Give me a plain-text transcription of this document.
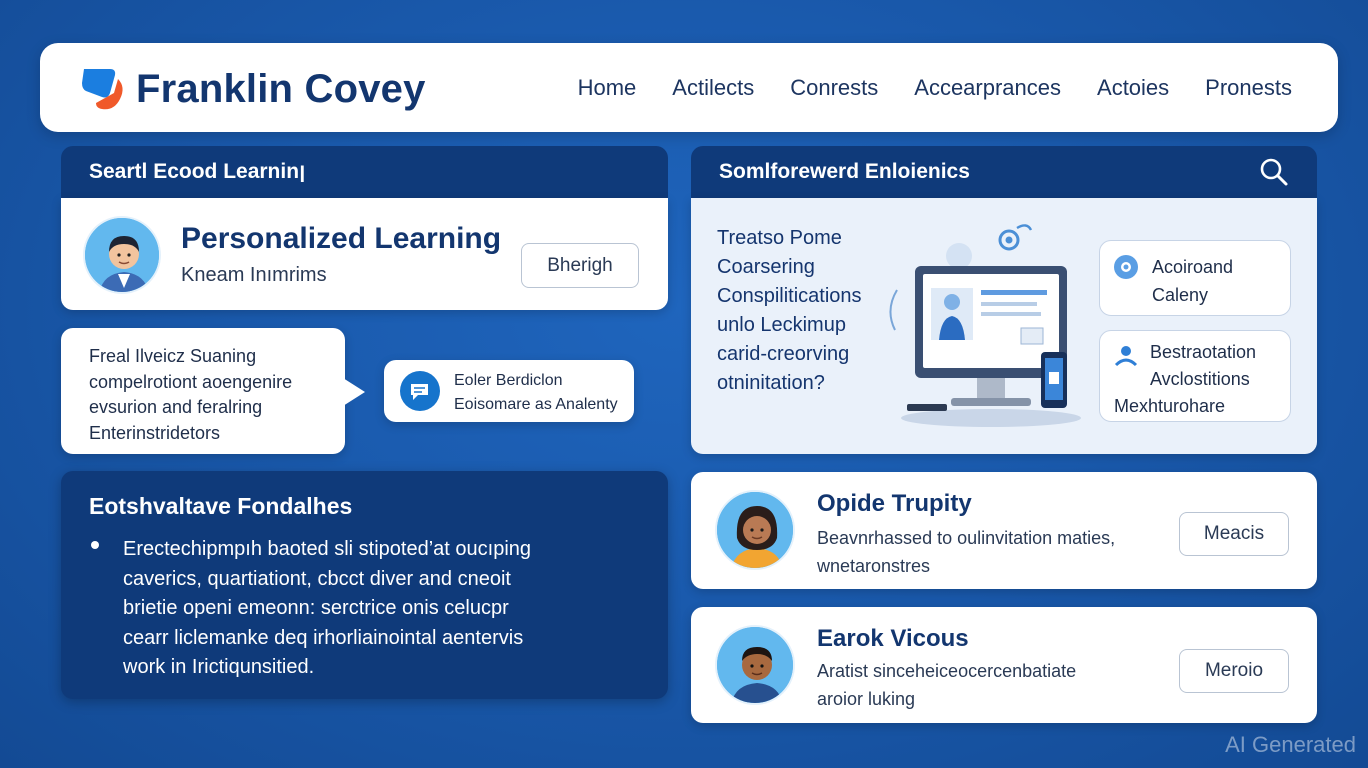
Franklin Covey	Home Actilects Conrests Accearprances Actoies Pronests
Seartl Ecood Learninן
Personalized Learning
Kneam Inımrims	Bherigh
Freal Ilveicz Suaning
compelrotiont aoengenire
evsurion and feralring
Enterinstridetors
Eoler Berdiclon
Eoisomare as Analenty
Somlforewerd Enloienics
Treatso Pome
Coarsering
Conspilitications
unlo Leckimup
carid-creorving
otninitation?
Acoiroand
Caleny
Bestraotation
Avclostitions
Mexhturohare
Eotshvaltave Fondalhes
Erectechipmpıh baoted sli stipoted’at oucıping
caverics, quartiationt, cbcct diver and cneoit
brietie openi emeonn: serctrice onis celucpr
cearr liclemanke deq irhorliainointal aentervis
work in Irictiqunsitied.
Opide Trupity
Beavnrhassed to oulinvitation maties,
wnetaronstres
Meacis
Earok Vicous
Aratist sinceheiceocercenbatiate
aroior luking
Meroio
AI Generated
